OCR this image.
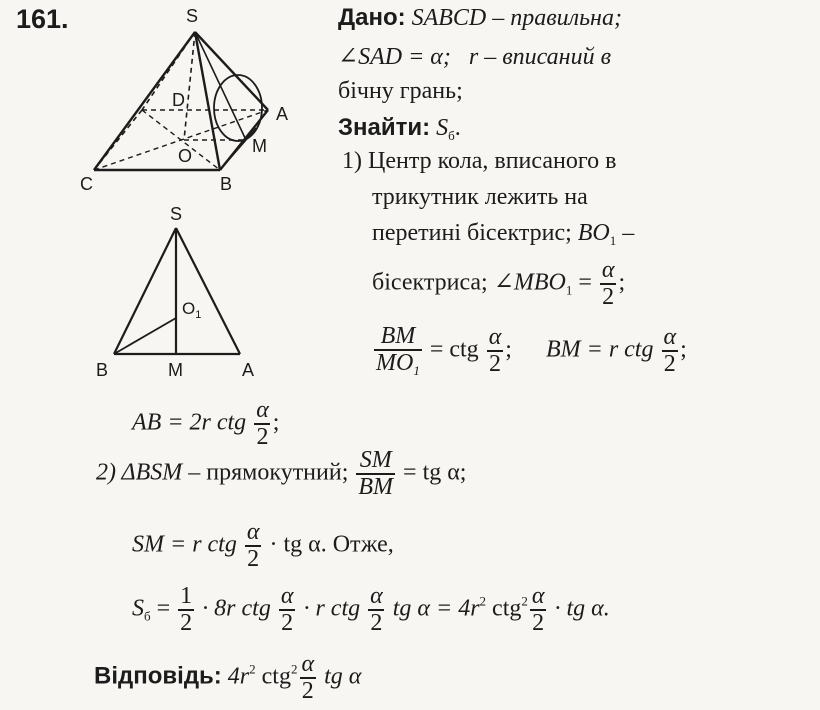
161.	S
D
A
O	M
C	B
S
$O_1$
B	M	A
Дано: SABCD – правильна;
∠SAD = α; r – вписаний в
бічну грань;
Знайти: $S_б$.
1) Центр кола, вписаного в
трикутник лежить на
перетині бісектрис; $BO_1$ –
бісектриса; $\angle MBO_1 = \frac{\alpha}{2}$ ;
$\frac{BM}{MO_1}$ = ctg $\frac{\alpha}{2}$ ; BM = r ctg $\frac{\alpha}{2}$ ;
AB = 2r ctg $\frac{\alpha}{2}$ ;
2) ΔBSM – прямокутний; $\frac{SM}{BM}$ = tg α;
SM = r ctg $\frac{\alpha}{2}$ · tg α. Отже,
$S_б = \frac{1}{2} \cdot 8r$ ctg $\frac{\alpha}{2} \cdot r$ ctg $\frac{\alpha}{2}$ tg $\alpha = 4r^2$ $ctg^2 \frac{\alpha}{2}$ · tg α.
Відповідь: $4r^2$ $ctg^2 \frac{\alpha}{2}$ tg α
